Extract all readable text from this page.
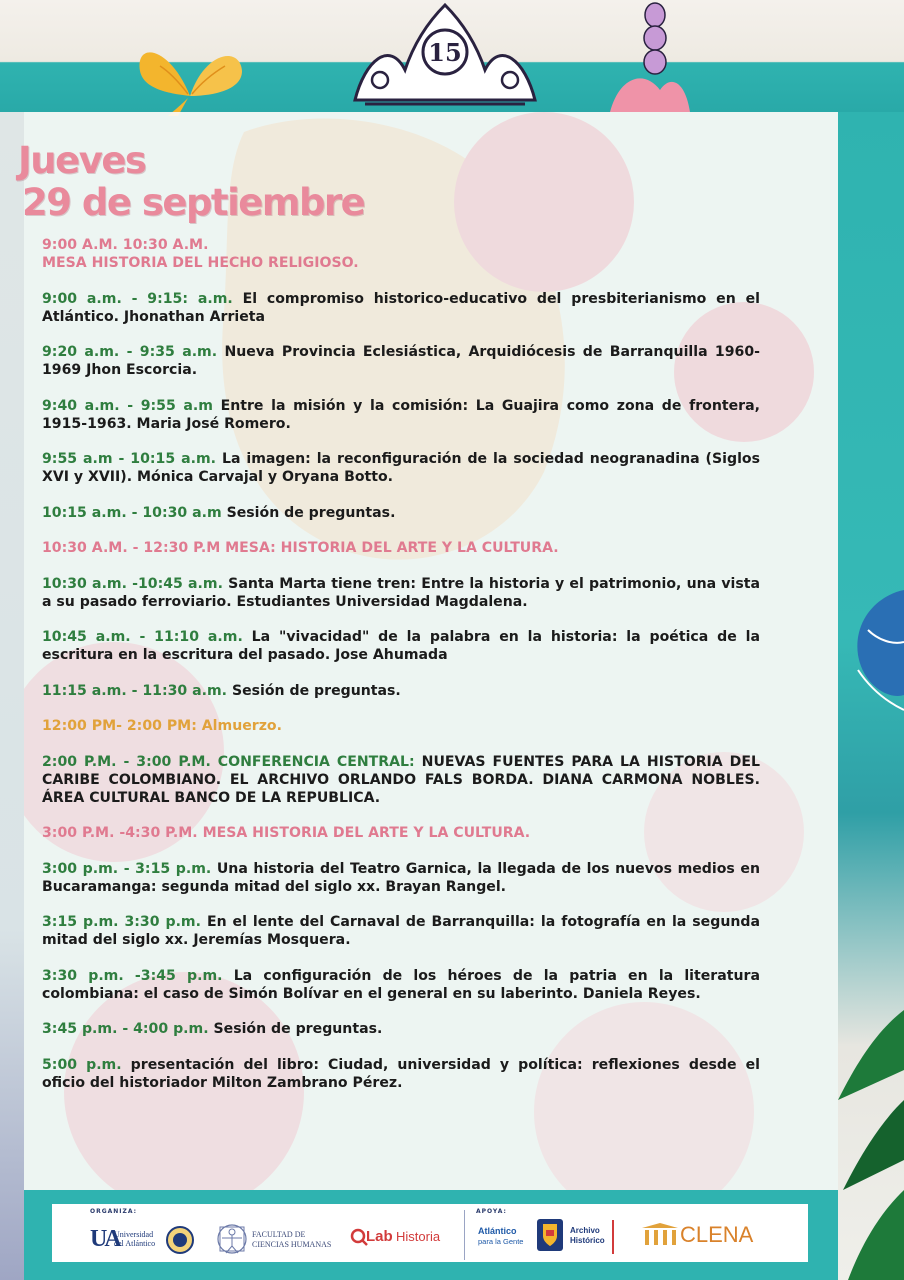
15
Jueves
29 de septiembre
9:00 A.M. 10:30 A.M.
MESA HISTORIA DEL HECHO RELIGIOSO.
9:00 a.m. - 9:15: a.m. El compromiso historico-educativo del presbiterianismo en el Atlántico. Jhonathan Arrieta
9:20 a.m. - 9:35 a.m. Nueva Provincia Eclesiástica, Arquidiócesis de Barranquilla 1960-1969 Jhon Escorcia.
9:40 a.m. - 9:55 a.m Entre la misión y la comisión: La Guajira como zona de frontera, 1915-1963. Maria José Romero.
9:55 a.m - 10:15 a.m. La imagen: la reconfiguración de la sociedad neogranadina (Siglos XVI y XVII). Mónica Carvajal y Oryana Botto.
10:15 a.m. - 10:30 a.m Sesión de preguntas.
10:30 A.M. - 12:30 P.M MESA: HISTORIA DEL ARTE Y LA CULTURA.
10:30 a.m. -10:45 a.m. Santa Marta tiene tren: Entre la historia y el patrimonio, una vista a su pasado ferroviario. Estudiantes Universidad Magdalena.
10:45 a.m. - 11:10 a.m. La "vivacidad" de la palabra en la historia: la poética de la escritura en la escritura del pasado. Jose Ahumada
11:15 a.m. - 11:30 a.m. Sesión de preguntas.
12:00 PM- 2:00 PM: Almuerzo.
2:00 P.M. - 3:00 P.M. CONFERENCIA CENTRAL: NUEVAS FUENTES PARA LA HISTORIA DEL CARIBE COLOMBIANO. EL ARCHIVO ORLANDO FALS BORDA. DIANA CARMONA NOBLES. ÁREA CULTURAL BANCO DE LA REPUBLICA.
3:00 P.M. -4:30 P.M. MESA HISTORIA DEL ARTE Y LA CULTURA.
3:00 p.m. - 3:15 p.m. Una historia del Teatro Garnica, la llegada de los nuevos medios en Bucaramanga: segunda mitad del siglo xx. Brayan Rangel.
3:15 p.m. 3:30 p.m. En el lente del Carnaval de Barranquilla: la fotografía en la segunda mitad del siglo xx. Jeremías Mosquera.
3:30 p.m. -3:45 p.m. La configuración de los héroes de la patria en la literatura colombiana: el caso de Simón Bolívar en el general en su laberinto. Daniela Reyes.
3:45 p.m. - 4:00 p.m. Sesión de preguntas.
5:00 p.m. presentación del libro: Ciudad, universidad y política: reflexiones desde el oficio del historiador Milton Zambrano Pérez.
ORGANIZA:	APOYA:
UA
Universidad
del Atlántico
FACULTAD DE
CIENCIAS HUMANAS Lab Historia	Atlántico
para la Gente
Archivo
Histórico	CLENA
